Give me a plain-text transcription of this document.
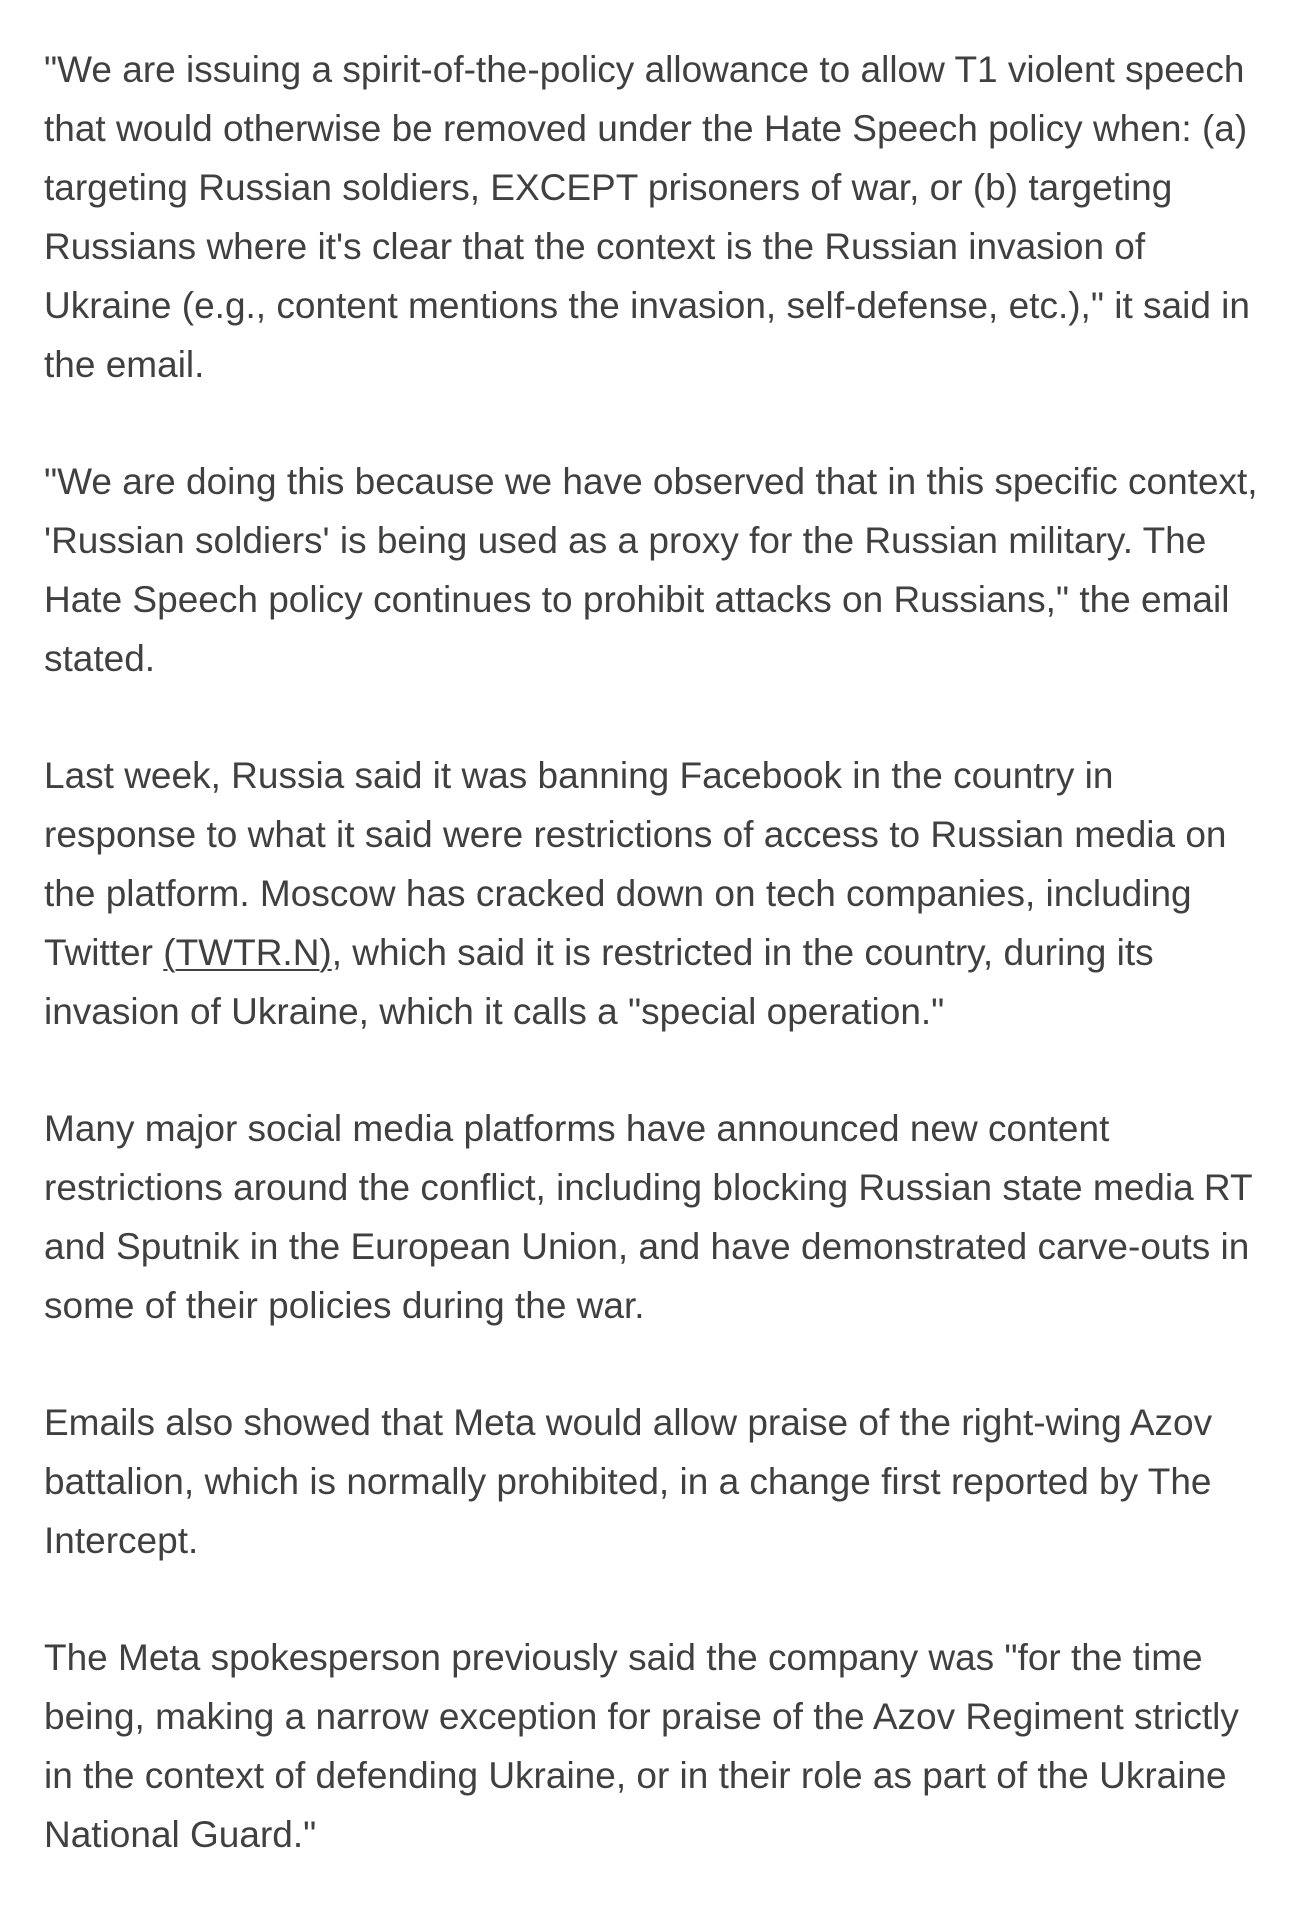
"We are issuing a spirit-of-the-policy allowance to allow T1 violent speech that would otherwise be removed under the Hate Speech policy when: (a) targeting Russian soldiers, EXCEPT prisoners of war, or (b) targeting Russians where it's clear that the context is the Russian invasion of Ukraine (e.g., content mentions the invasion, self-defense, etc.)," it said in the email.

"We are doing this because we have observed that in this specific context, 'Russian soldiers' is being used as a proxy for the Russian military. The Hate Speech policy continues to prohibit attacks on Russians," the email stated.

Last week, Russia said it was banning Facebook in the country in response to what it said were restrictions of access to Russian media on the platform. Moscow has cracked down on tech companies, including Twitter (TWTR.N), which said it is restricted in the country, during its invasion of Ukraine, which it calls a "special operation."

Many major social media platforms have announced new content restrictions around the conflict, including blocking Russian state media RT and Sputnik in the European Union, and have demonstrated carve-outs in some of their policies during the war.

Emails also showed that Meta would allow praise of the right-wing Azov battalion, which is normally prohibited, in a change first reported by The Intercept.

The Meta spokesperson previously said the company was "for the time being, making a narrow exception for praise of the Azov Regiment strictly in the context of defending Ukraine, or in their role as part of the Ukraine National Guard."
